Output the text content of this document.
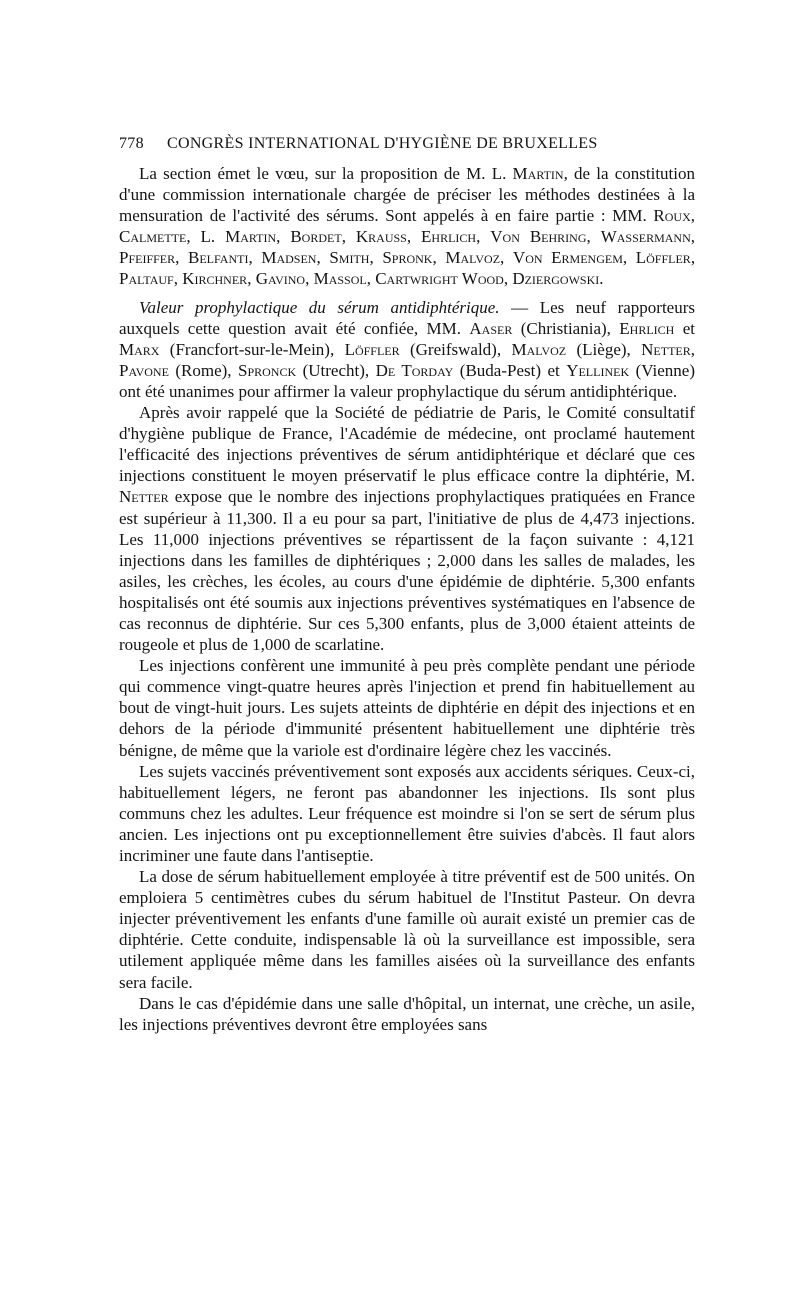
778 CONGRÈS INTERNATIONAL D'HYGIÈNE DE BRUXELLES

La section émet le vœu, sur la proposition de M. L. Martin, de la constitution d'une commission internationale chargée de préciser les méthodes destinées à la mensuration de l'activité des sérums. Sont appelés à en faire partie : MM. Roux, Calmette, L. Martin, Bordet, Krauss, Ehrlich, Von Behring, Wassermann, Pfeiffer, Belfanti, Madsen, Smith, Spronk, Malvoz, Von Ermengem, Löffler, Paltauf, Kirchner, Gavino, Massol, Cartwright Wood, Dziergowski.

Valeur prophylactique du sérum antidiphtérique. — Les neuf rapporteurs auxquels cette question avait été confiée, MM. Aaser (Christiania), Ehrlich et Marx (Francfort-sur-le-Mein), Löffler (Greifswald), Malvoz (Liège), Netter, Pavone (Rome), Spronck (Utrecht), De Torday (Buda-Pest) et Yellinek (Vienne) ont été unanimes pour affirmer la valeur prophylactique du sérum antidiphtérique.

Après avoir rappelé que la Société de pédiatrie de Paris, le Comité consultatif d'hygiène publique de France, l'Académie de médecine, ont proclamé hautement l'efficacité des injections préventives de sérum antidiphtérique et déclaré que ces injections constituent le moyen préservatif le plus efficace contre la diphtérie, M. Netter expose que le nombre des injections prophylactiques pratiquées en France est supérieur à 11,300. Il a eu pour sa part, l'initiative de plus de 4,473 injections. Les 11,000 injections préventives se répartissent de la façon suivante : 4,121 injections dans les familles de diphtériques ; 2,000 dans les salles de malades, les asiles, les crèches, les écoles, au cours d'une épidémie de diphtérie. 5,300 enfants hospitalisés ont été soumis aux injections préventives systématiques en l'absence de cas reconnus de diphtérie. Sur ces 5,300 enfants, plus de 3,000 étaient atteints de rougeole et plus de 1,000 de scarlatine.

Les injections confèrent une immunité à peu près complète pendant une période qui commence vingt-quatre heures après l'injection et prend fin habituellement au bout de vingt-huit jours. Les sujets atteints de diphtérie en dépit des injections et en dehors de la période d'immunité présentent habituellement une diphtérie très bénigne, de même que la variole est d'ordinaire légère chez les vaccinés.

Les sujets vaccinés préventivement sont exposés aux accidents sériques. Ceux-ci, habituellement légers, ne feront pas abandonner les injections. Ils sont plus communs chez les adultes. Leur fréquence est moindre si l'on se sert de sérum plus ancien. Les injections ont pu exceptionnellement être suivies d'abcès. Il faut alors incriminer une faute dans l'antiseptie.

La dose de sérum habituellement employée à titre préventif est de 500 unités. On emploiera 5 centimètres cubes du sérum habituel de l'Institut Pasteur. On devra injecter préventivement les enfants d'une famille où aurait existé un premier cas de diphtérie. Cette conduite, indispensable là où la surveillance est impossible, sera utilement appliquée même dans les familles aisées où la surveillance des enfants sera facile.

Dans le cas d'épidémie dans une salle d'hôpital, un internat, une crèche, un asile, les injections préventives devront être employées sans
